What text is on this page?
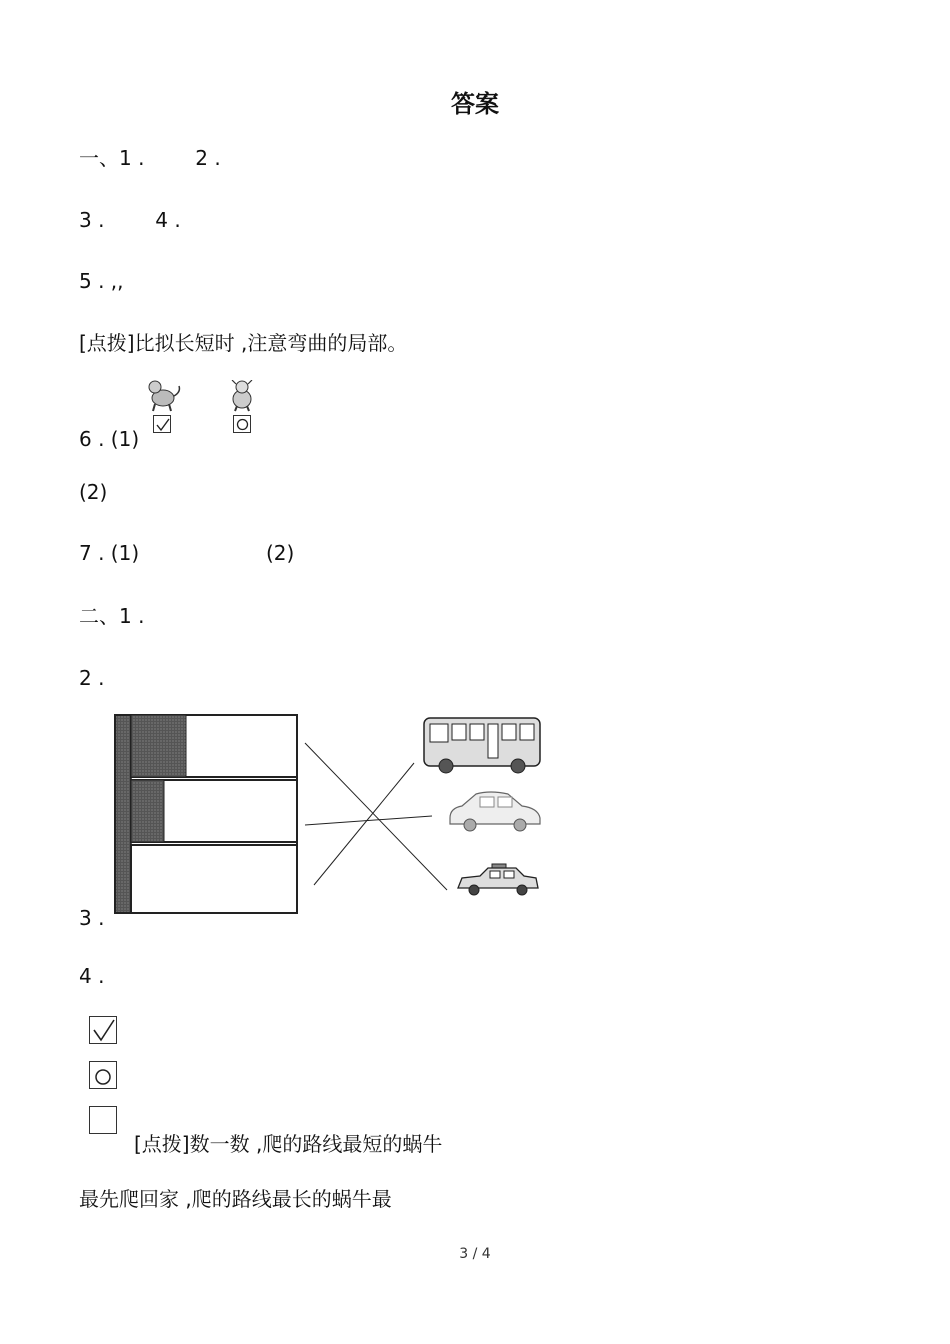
答案
一、1 .        2 .
3 .        4 .
5 . ,,
[点拨]比拟长短时 ,注意弯曲的局部。
6 . (1)
(2)
7 . (1)	(2)
二、1 .
2 .
3 .
4 .
[点拨]数一数 ,爬的路线最短的蜗牛
最先爬回家 ,爬的路线最长的蜗牛最
3 / 4
